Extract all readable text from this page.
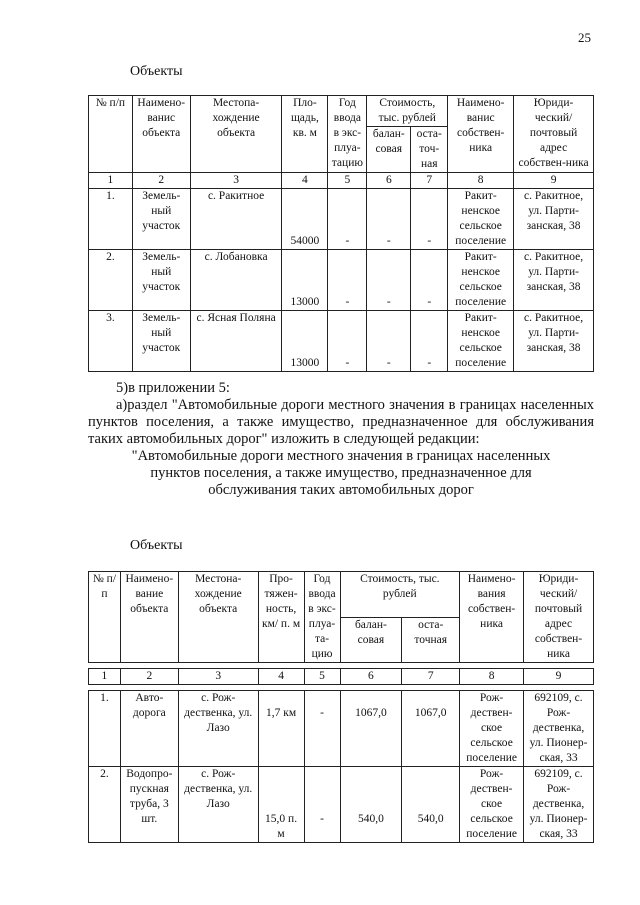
25
Объекты
№ п/п	Наимено-ванис объекта	Местопа-хождение объекта	Пло-щадь, кв. м	Год ввода в экс-плуа-тацию	Стоимость, тыс. рублей		Наимено-ванис собствен-ника	Юриди-ческий/ почтовый адрес собствен-ника
					балан-совая	оста-точ-ная		
1	2	3	4	5	6	7	8	9
1.	Земель-ный участок	с. Ракитное	54000	-	-	-	Ракит-ненское сельское поселение	с. Ракитное, ул. Парти-занская, 38
2.	Земель-ный участок	с. Лобановка	13000	-	-	-	Ракит-ненское сельское поселение	с. Ракитное, ул. Парти-занская, 38
3.	Земель-ный участок	с. Ясная Поляна	13000	-	-	-	Ракит-ненское сельское поселение	с. Ракитное, ул. Парти-занская, 38
5)в приложении 5:
а)раздел "Автомобильные дороги местного значения в границах населенных пунктов поселения, а также имущество, предназначенное для обслуживания таких автомобильных дорог" изложить в следующей редакции:
"Автомобильные дороги местного значения в границах населенных пунктов поселения, а также имущество, предназначенное для обслуживания таких автомобильных дорог
Объекты
№ п/п	Наимено-вание объекта	Местона-хождение объекта	Про-тяжен-ность, км/ п. м	Год ввода в экс-плуа-та-цию	Стоимость, тыс. рублей		Наимено-вания собствен-ника	Юриди-ческий/ почтовый адрес собствен-ника
					балан-совая	оста-точная		

1	2	3	4	5	6	7	8	9

1.	Авто-дорога	с. Рож-дественка, ул. Лазо	1,7 км	-	1067,0	1067,0	Рож-дествен-ское сельское поселение	692109, с. Рож-дественка, ул. Пионер-ская, 33
2.	Водопро-пускная труба, 3 шт.	с. Рож-дественка, ул. Лазо	15,0 п. м	-	540,0	540,0	Рож-дествен-ское сельское поселение	692109, с. Рож-дественка, ул. Пионер-ская, 33
